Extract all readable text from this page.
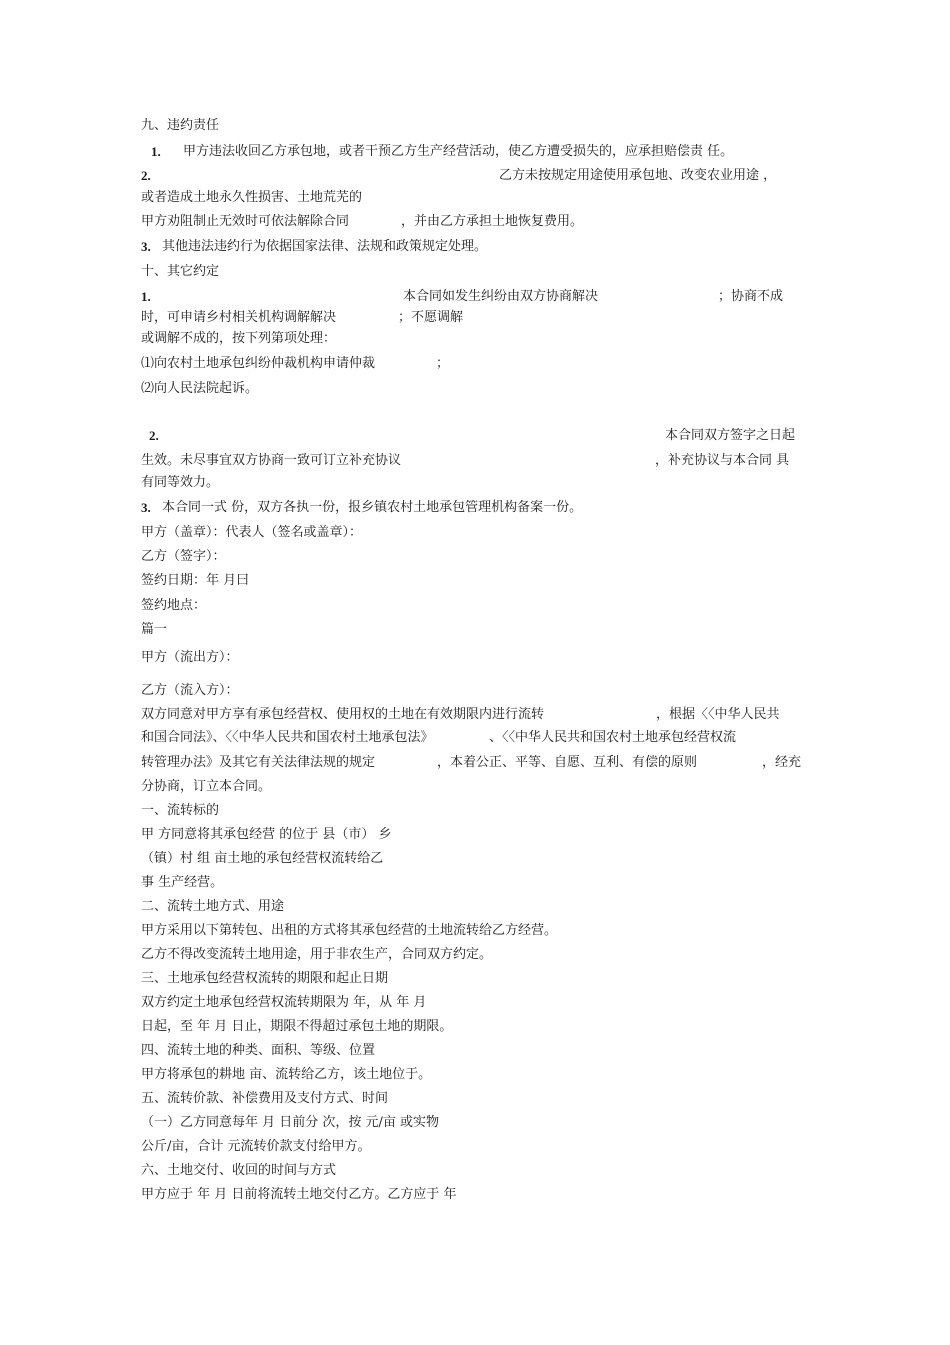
九、违约责任
1. 甲方违法收回乙方承包地，或者干预乙方生产经营活动，使乙方遭受损失的，应承担赔偿责 任。
2.	乙方未按规定用途使用承包地、改变农业用途 ，
或者造成土地永久性损害、土地荒芜的
甲方劝阻制止无效时可依法解除合同	，并由乙方承担土地恢复费用。
3. 其他违法违约行为依据国家法律、法规和政策规定处理。
十、其它约定
1.	本合同如发生纠纷由双方协商解决	；协商不成
时，可申请乡村相关机构调解解决	；不愿调解
或调解不成的，按下列第项处理：
⑴向农村土地承包纠纷仲裁机构申请仲裁	；
⑵向人民法院起诉。
2.	本合同双方签字之日起
生效。未尽事宜双方协商一致可订立补充协议	，补充协议与本合同 具
有同等效力。
3. 本合同一式 份，双方各执一份，报乡镇农村土地承包管理机构备案一份。
甲方（盖章）：代表人（签名或盖章）：
乙方（签字）：
签约日期：年 月曰
签约地点：
篇一
甲方（流出方）：
乙方（流入方）：
双方同意对甲方享有承包经营权、使用权的土地在有效期限内进行流转	，根据〈〈中华人民共
和国合同法》、〈〈中华人民共和国农村土地承包法》	、〈〈中华人民共和国农村土地承包经营权流
转管理办法》及其它有关法律法规的规定	，本着公正、平等、自愿、互利、有偿的原则	，经充
分协商，订立本合同。
一、流转标的
甲 方同意将其承包经营 的位于 县（市） 乡
（镇）村 组 亩土地的承包经营权流转给乙
事 生产经营。
二、流转土地方式、用途
甲方采用以下第转包、出租的方式将其承包经营的土地流转给乙方经营。
乙方不得改变流转土地用途，用于非农生产，合同双方约定。
三、土地承包经营权流转的期限和起止日期
双方约定土地承包经营权流转期限为 年，从 年 月
日起，至 年 月 日止，期限不得超过承包土地的期限。
四、流转土地的种类、面积、等级、位置
甲方将承包的耕地 亩、流转给乙方，该土地位于。
五、流转价款、补偿费用及支付方式、时间
（一）乙方同意每年 月 日前分 次，按 元/亩 或实物
公斤/亩，合计 元流转价款支付给甲方。
六、土地交付、收回的时间与方式
甲方应于 年 月 日前将流转土地交付乙方。乙方应于 年
